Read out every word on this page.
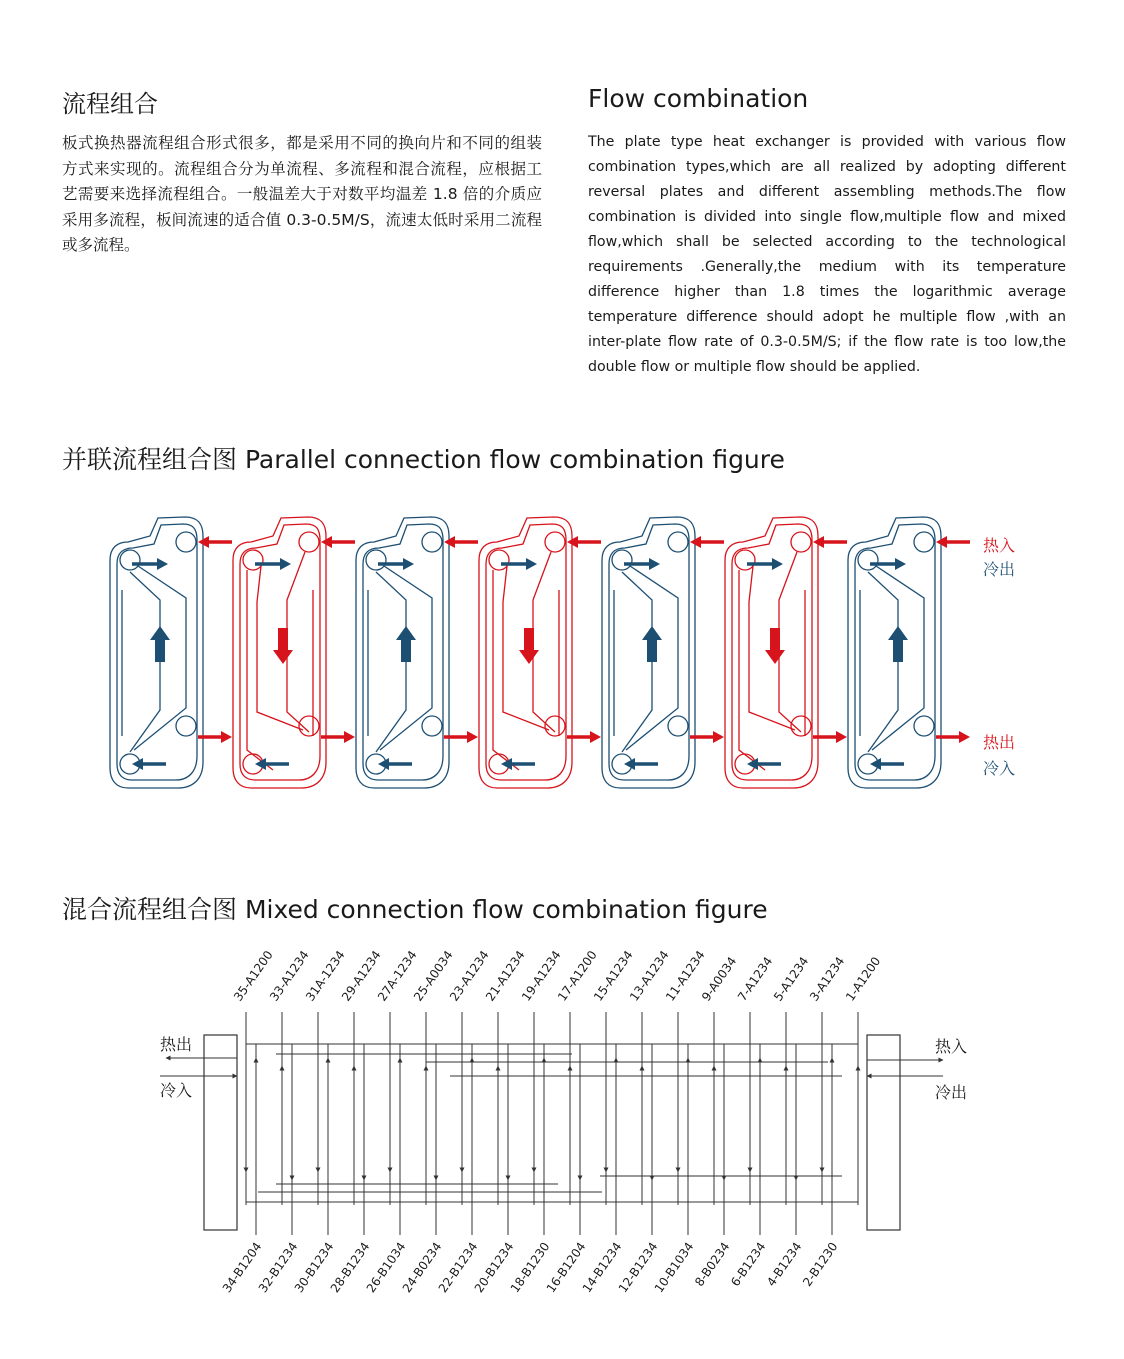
流程组合

板式换热器流程组合形式很多，都是采用不同的换向片和不同的组装方式来实现的。流程组合分为单流程、多流程和混合流程，应根据工艺需要来选择流程组合。一般温差大于对数平均温差 1.8 倍的介质应采用多流程，板间流速的适合值 0.3-0.5M/S，流速太低时采用二流程或多流程。

Flow combination

The plate type heat exchanger is provided with various flow combination types,which are all realized by adopting different reversal plates and different assembling methods.The flow combination is divided into single flow,multiple flow and mixed flow,which shall be selected according to the technological requirements .Generally,the medium with its temperature difference higher than 1.8 times the logarithmic average temperature difference should adopt he multiple flow ,with an inter-plate flow rate of 0.3-0.5M/S; if the flow rate is too low,the double flow or multiple flow should be applied.

并联流程组合图 Parallel connection flow combination figure
热入
冷出
热出
冷入
混合流程组合图 Mixed connection flow combination figure
热出
冷入
热入
冷出
35-A1200
33-A1234
31A-1234
29-A1234
27A-1234
25-A0034
23-A1234
21-A1234
19-A1234
17-A1200
15-A1234
13-A1234
11-A1234
9-A0034
7-A1234
5-A1234
3-A1234
1-A1200
34-B1204
32-B1234
30-B1234
28-B1234
26-B1034
24-B0234
22-B1234
20-B1234
18-B1230
16-B1204
14-B1234
12-B1234
10-B1034
8-B0234
6-B1234
4-B1234
2-B1230
